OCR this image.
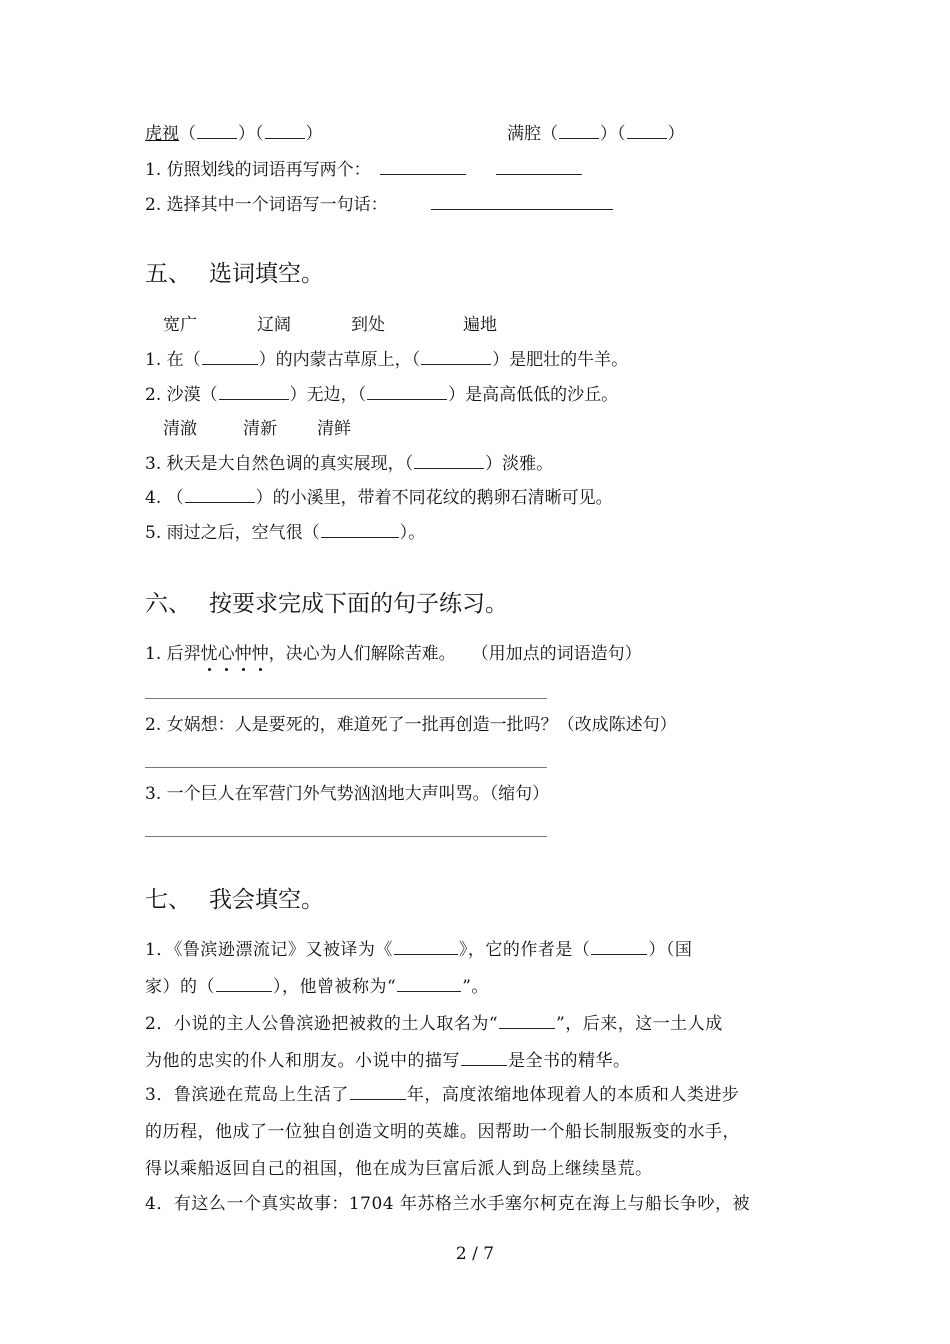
虎视（ ）（ ）	满腔（ ）（ ）
1. 仿照划线的词语再写两个：
2. 选择其中一个词语写一句话：
五、 选词填空。
宽广	辽阔	到处	遍地
1. 在（	）的内蒙古草原上，（	）是肥壮的牛羊。
2. 沙漠（	）无边，（	）是高高低低的沙丘。
清澈	清新 清鲜
3. 秋天是大自然色调的真实展现，（	）淡雅。
4. （	）的小溪里，带着不同花纹的鹅卵石清晰可见。
5. 雨过之后，空气很（	）。
六、 按要求完成下面的句子练习。
1. 后羿忧心忡忡，决心为人们解除苦难。 （用加点的词语造句）
2. 女娲想：人是要死的，难道死了一批再创造一批吗？（改成陈述句）
3. 一个巨人在军营门外气势汹汹地大声叫骂。（缩句）
七、 我会填空。
1．《鲁滨逊漂流记》又被译为《	》，它的作者是（	）（国
家）的（	），他曾被称为“	”。
2．小说的主人公鲁滨逊把被救的土人取名为“	”，后来，这一土人成
为他的忠实的仆人和朋友。小说中的描写	是全书的精华。
3．鲁滨逊在荒岛上生活了	年，高度浓缩地体现着人的本质和人类进步
的历程，他成了一位独自创造文明的英雄。因帮助一个船长制服叛变的水手，
得以乘船返回自己的祖国，他在成为巨富后派人到岛上继续垦荒。
4．有这么一个真实故事：1704 年苏格兰水手塞尔柯克在海上与船长争吵，被
2 / 7
